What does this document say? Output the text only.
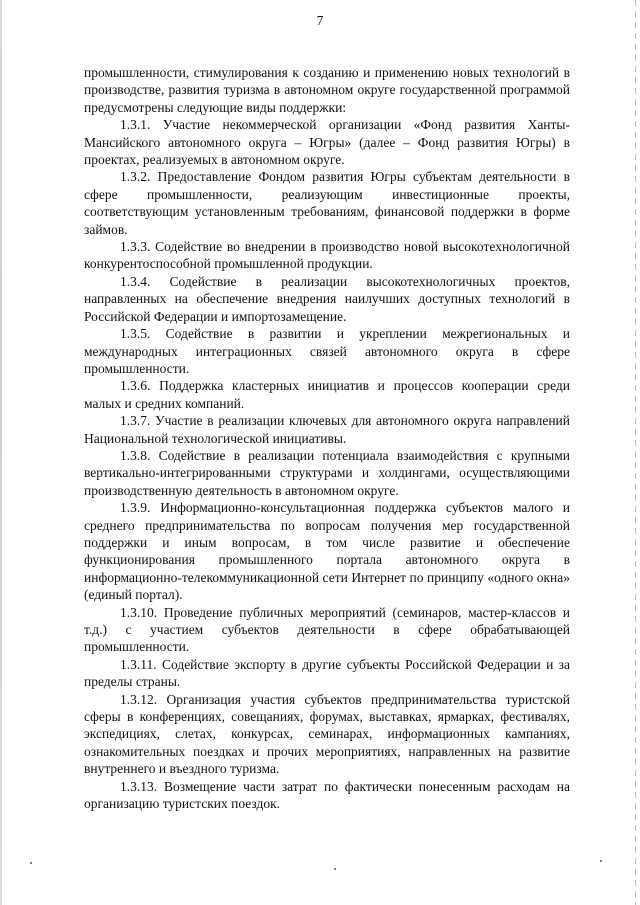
7

промышленности, стимулирования к созданию и применению новых технологий в производстве, развития туризма в автономном округе государственной программой предусмотрены следующие виды поддержки:

1.3.1. Участие некоммерческой организации «Фонд развития Ханты-Мансийского автономного округа – Югры» (далее – Фонд развития Югры) в проектах, реализуемых в автономном округе.

1.3.2. Предоставление Фондом развития Югры субъектам деятельности в сфере промышленности, реализующим инвестиционные проекты, соответствующим установленным требованиям, финансовой поддержки в форме займов.

1.3.3. Содействие во внедрении в производство новой высокотехнологичной конкурентоспособной промышленной продукции.

1.3.4. Содействие в реализации высокотехнологичных проектов, направленных на обеспечение внедрения наилучших доступных технологий в Российской Федерации и импортозамещение.

1.3.5. Содействие в развитии и укреплении межрегиональных и международных интеграционных связей автономного округа в сфере промышленности.

1.3.6. Поддержка кластерных инициатив и процессов кооперации среди малых и средних компаний.

1.3.7. Участие в реализации ключевых для автономного округа направлений Национальной технологической инициативы.

1.3.8. Содействие в реализации потенциала взаимодействия с крупными вертикально-интегрированными структурами и холдингами, осуществляющими производственную деятельность в автономном округе.

1.3.9. Информационно-консультационная поддержка субъектов малого и среднего предпринимательства по вопросам получения мер государственной поддержки и иным вопросам, в том числе развитие и обеспечение функционирования промышленного портала автономного округа в информационно-телекоммуникационной сети Интернет по принципу «одного окна» (единый портал).

1.3.10. Проведение публичных мероприятий (семинаров, мастер-классов и т.д.) с участием субъектов деятельности в сфере обрабатывающей промышленности.

1.3.11. Содействие экспорту в другие субъекты Российской Федерации и за пределы страны.

1.3.12. Организация участия субъектов предпринимательства туристской сферы в конференциях, совещаниях, форумах, выставках, ярмарках, фестивалях, экспедициях, слетах, конкурсах, семинарах, информационных кампаниях, ознакомительных поездках и прочих мероприятиях, направленных на развитие внутреннего и въездного туризма.

1.3.13. Возмещение части затрат по фактически понесенным расходам на организацию туристских поездок.
